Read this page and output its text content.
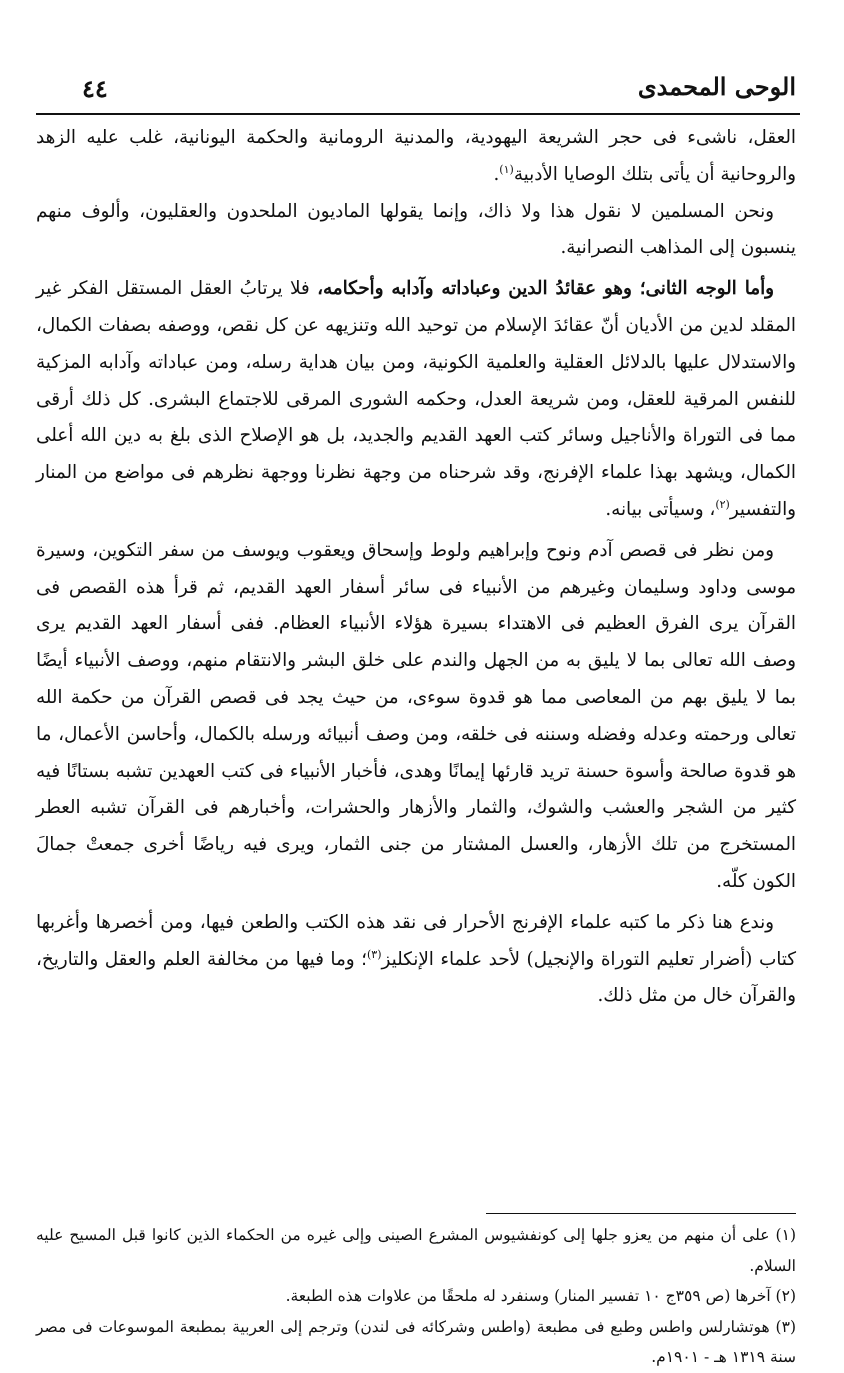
الوحى المحمدى
٤٤

العقل، ناشىء فى حجر الشريعة اليهودية، والمدنية الرومانية والحكمة اليونانية، غلب عليه الزهد والروحانية أن يأتى بتلك الوصايا الأدبية$^{(١)}$.

ونحن المسلمين لا نقول هذا ولا ذاك، وإنما يقولها الماديون الملحدون والعقليون، وألوف منهم ينسبون إلى المذاهب النصرانية.

وأما الوجه الثانى؛ وهو عقائدُ الدين وعباداته وآدابه وأحكامه، فلا يرتابُ العقل المستقل الفكر غير المقلد لدين من الأديان أنّ عقائدَ الإسلام من توحيد الله وتنزيهه عن كل نقص، ووصفه بصفات الكمال، والاستدلال عليها بالدلائل العقلية والعلمية الكونية، ومن بيان هداية رسله، ومن عباداته وآدابه المزكية للنفس المرقية للعقل، ومن شريعة العدل، وحكمه الشورى المرقى للاجتماع البشرى. كل ذلك أرقى مما فى التوراة والأناجيل وسائر كتب العهد القديم والجديد، بل هو الإصلاح الذى بلغ به دين الله أعلى الكمال، ويشهد بهذا علماء الإفرنج، وقد شرحناه من وجهة نظرنا ووجهة نظرهم فى مواضع من المنار والتفسير$^{(٢)}$، وسيأتى بيانه.

ومن نظر فى قصص آدم ونوح وإبراهيم ولوط وإسحاق ويعقوب ويوسف من سفر التكوين، وسيرة موسى وداود وسليمان وغيرهم من الأنبياء فى سائر أسفار العهد القديم، ثم قرأ هذه القصص فى القرآن يرى الفرق العظيم فى الاهتداء بسيرة هؤلاء الأنبياء العظام. ففى أسفار العهد القديم يرى وصف الله تعالى بما لا يليق به من الجهل والندم على خلق البشر والانتقام منهم، ووصف الأنبياء أيضًا بما لا يليق بهم من المعاصى مما هو قدوة سوءى، من حيث يجد فى قصص القرآن من حكمة الله تعالى ورحمته وعدله وفضله وسننه فى خلقه، ومن وصف أنبيائه ورسله بالكمال، وأحاسن الأعمال، ما هو قدوة صالحة وأسوة حسنة تريد قارئها إيمانًا وهدى، فأخبار الأنبياء فى كتب العهدين تشبه بستانًا فيه كثير من الشجر والعشب والشوك، والثمار والأزهار والحشرات، وأخبارهم فى القرآن تشبه العطر المستخرج من تلك الأزهار، والعسل المشتار من جنى الثمار، ويرى فيه رياضًا أخرى جمعتْ جمالَ الكون كلّه.

وندع هنا ذكر ما كتبه علماء الإفرنج الأحرار فى نقد هذه الكتب والطعن فيها، ومن أخصرها وأغربها كتاب (أضرار تعليم التوراة والإنجيل) لأحد علماء الإنكليز$^{(٣)}$؛ وما فيها من مخالفة العلم والعقل والتاريخ، والقرآن خال من مثل ذلك.

(١) على أن منهم من يعزو جلها إلى كونفشيوس المشرع الصينى وإلى غيره من الحكماء الذين كانوا قبل المسيح عليه السلام.

(٢) آخرها (ص ٣٥٩ج ١٠ تفسير المنار) وسنفرد له ملحقًا من علاوات هذه الطبعة.

(٣) هوتشارلس واطس وطبع فى مطبعة (واطس وشركائه فى لندن) وترجم إلى العربية بمطبعة الموسوعات فى مصر سنة ١٣١٩ هـ - ١٩٠١م.
